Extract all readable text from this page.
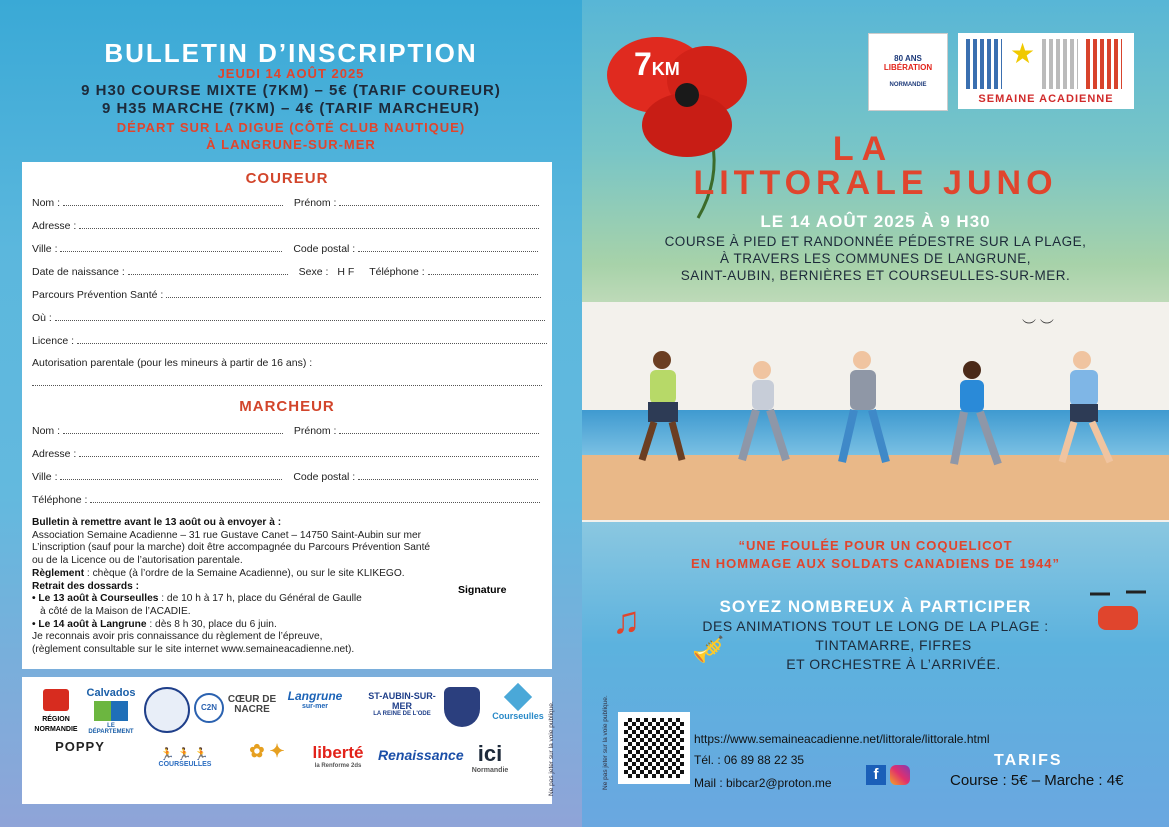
BULLETIN D’INSCRIPTION
JEUDI 14 AOÛT 2025
9 H30 COURSE MIXTE (7KM) – 5€ (TARIF COUREUR)
9 H35 MARCHE (7KM) – 4€ (TARIF MARCHEUR)
DÉPART SUR LA DIGUE (CÔTÉ CLUB NAUTIQUE)
À LANGRUNE-SUR-MER
COUREUR
Nom :	Prénom :
Adresse :
Ville :	Code postal :
Date de naissance :	Sexe : H F Téléphone :
Parcours Prévention Santé :
Où :
Licence :
Autorisation parentale (pour les mineurs à partir de 16 ans) :
MARCHEUR
Nom :	Prénom :
Adresse :
Ville :	Code postal :
Téléphone :
Bulletin à remettre avant le 13 août ou à envoyer à :
Association Semaine Acadienne – 31 rue Gustave Canet – 14750 Saint-Aubin sur mer
L’inscription (sauf pour la marche) doit être accompagnée du Parcours Prévention Santé
ou de la Licence ou de l’autorisation parentale.
Règlement : chèque (à l’ordre de la Semaine Acadienne), ou sur le site KLIKEGO.
Retrait des dossards :
• Le 13 août à Courseulles : de 10 h à 17 h, place du Général de Gaulle
à côté de la Maison de l’ACADIE.
• Le 14 août à Langrune : dès 8 h 30, place du 6 juin.
Je reconnais avoir pris connaissance du règlement de l’épreuve,
(règlement consultable sur le site internet www.semaineacadienne.net).
Signature
RÉGION NORMANDIE
Calvados
LE DÉPARTEMENT
C2N
CŒUR DE NACRE
Langrune
sur-mer
ST-AUBIN-SUR-MER
LA REINE DE L'ODE	Courseulles
POPPY	🏃🏃🏃
COURSEULLES
✿ ✦	liberté
la Renforme 2ds
Renaissance ici
Normandie	Ne pas jeter sur la voie publique.
7KM
80 ANS
LIBÉRATION
NORMANDIE
★
SEMAINE ACADIENNE
LA
LITTORALE JUNO
LE 14 AOÛT 2025 À 9 H30
COURSE À PIED ET RANDONNÉE PÉDESTRE SUR LA PLAGE,
À TRAVERS LES COMMUNES DE LANGRUNE,
SAINT-AUBIN, BERNIÈRES ET COURSEULLES-SUR-MER.
︶ ︶
“UNE FOULÉE POUR UN COQUELICOT
EN HOMMAGE AUX SOLDATS CANADIENS DE 1944”
♫	SOYEZ NOMBREUX À PARTICIPER
DES ANIMATIONS TOUT LE LONG DE LA PLAGE :
🎺	TINTAMARRE, FIFRES
ET ORCHESTRE À L’ARRIVÉE.
Ne pas jeter sur la voie publique.	https://www.semaineacadienne.net/littorale/littorale.html
Tél. : 06 89 88 22 35
Mail : bibcar2@proton.me	f
TARIFS
Course : 5€ – Marche : 4€
